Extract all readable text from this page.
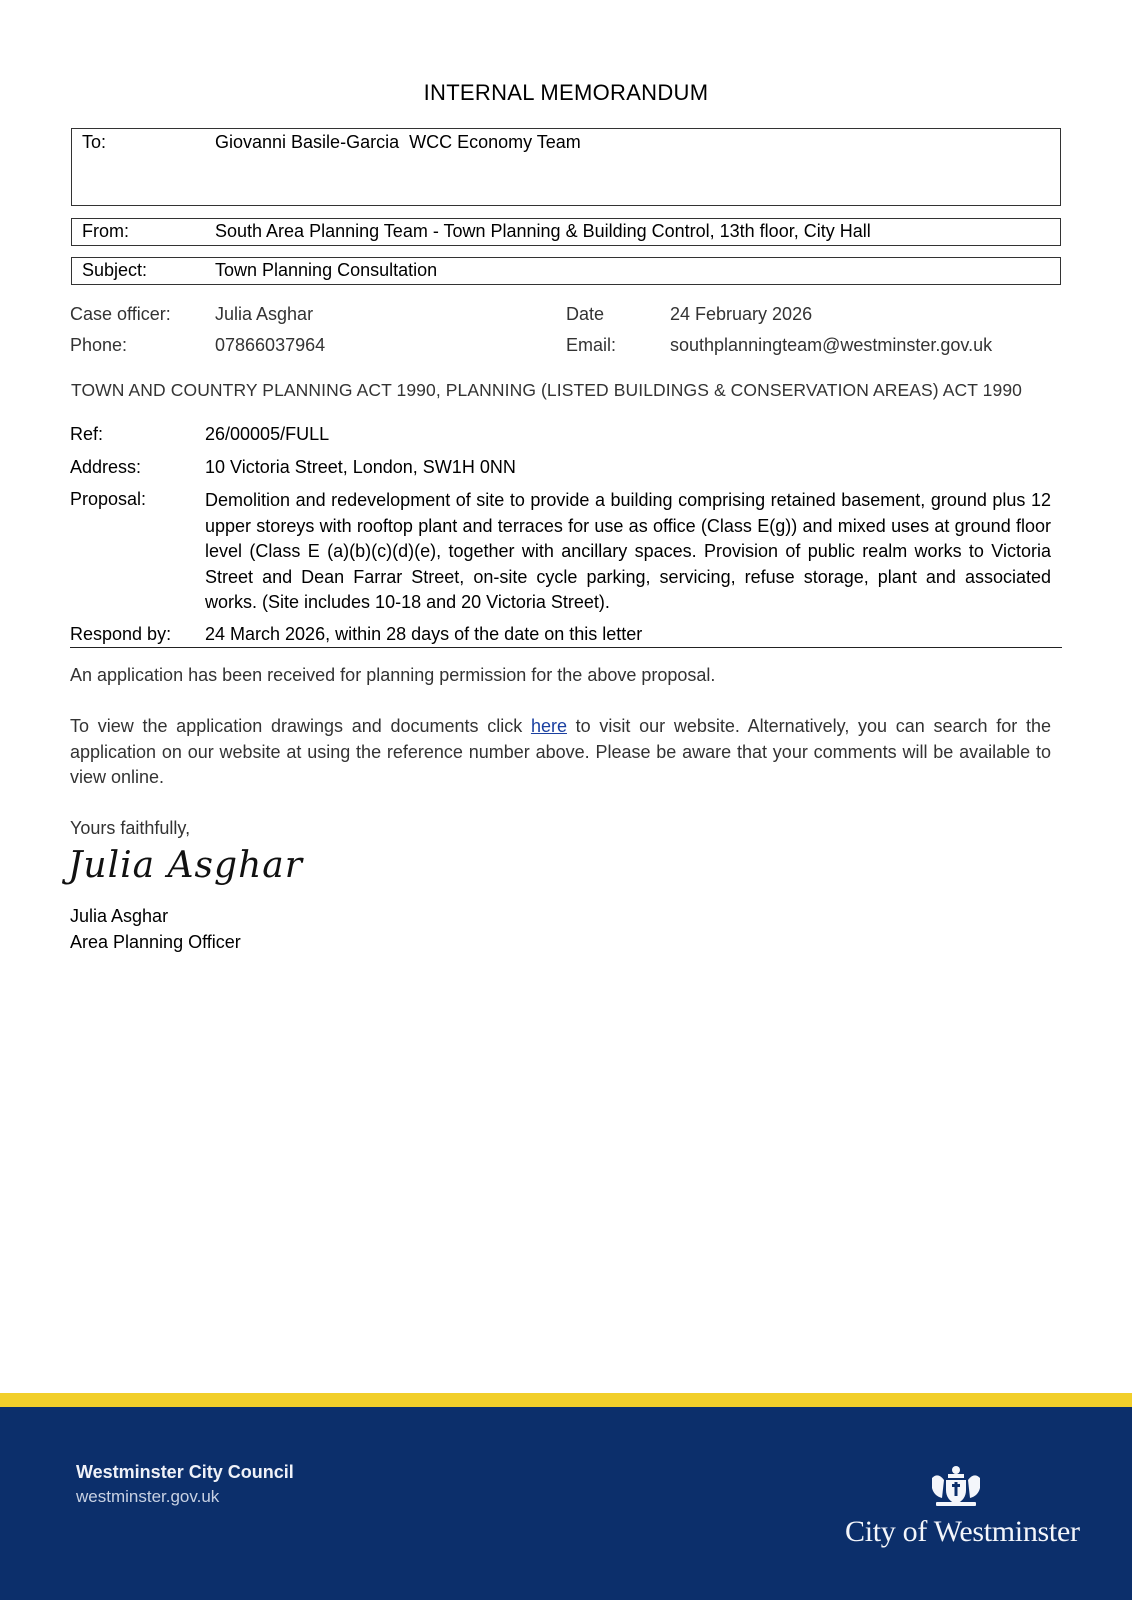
INTERNAL MEMORANDUM
To:	Giovanni Basile-Garcia  WCC Economy Team
From:	South Area Planning Team - Town Planning & Building Control, 13th floor, City Hall
Subject:	Town Planning Consultation
Case officer: Julia Asghar	Date	24 February 2026
Phone:	07866037964	Email:	southplanningteam@westminster.gov.uk
TOWN AND COUNTRY PLANNING ACT 1990, PLANNING (LISTED BUILDINGS & CONSERVATION AREAS) ACT 1990
Ref:	26/00005/FULL
Address:	10 Victoria Street, London, SW1H 0NN
Proposal:	Demolition and redevelopment of site to provide a building comprising retained basement, ground plus 12 upper storeys with rooftop plant and terraces for use as office (Class E(g)) and mixed uses at ground floor level (Class E (a)(b)(c)(d)(e), together with ancillary spaces. Provision of public realm works to Victoria Street and Dean Farrar Street, on-site cycle parking, servicing, refuse storage, plant and associated works. (Site includes 10-18 and 20 Victoria Street).
Respond by: 24 March 2026, within 28 days of the date on this letter
An application has been received for planning permission for the above proposal.
To view the application drawings and documents click here to visit our website. Alternatively, you can search for the application on our website at using the reference number above. Please be aware that your comments will be available to view online.
Yours faithfully,
Julia Asghar
Julia Asghar
Area Planning Officer
Westminster City Council
westminster.gov.uk
City of Westminster
